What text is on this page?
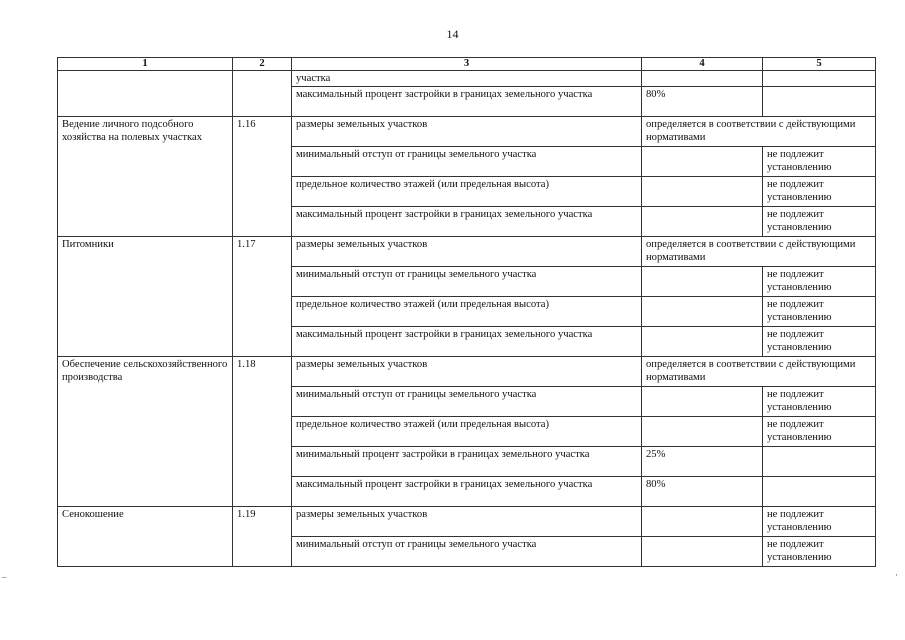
14
1	2	3	4	5
		участка		
		максимальный процент застройки в границах земельного участка	80%	
Ведение личного подсобного хозяйства на полевых участках	1.16	размеры земельных участков	определяется в соответствии с действующими нормативами	
		минимальный отступ от границы земельного участка		не подлежит установлению
		предельное количество этажей (или предельная высота)		не подлежит установлению
		максимальный процент застройки в границах земельного участка		не подлежит установлению
Питомники	1.17	размеры земельных участков	определяется в соответствии с действующими нормативами	
		минимальный отступ от границы земельного участка		не подлежит установлению
		предельное количество этажей (или предельная высота)		не подлежит установлению
		максимальный процент застройки в границах земельного участка		не подлежит установлению
Обеспечение сельскохозяйственного производства	1.18	размеры земельных участков	определяется в соответствии с действующими нормативами	
		минимальный отступ от границы земельного участка		не подлежит установлению
		предельное количество этажей (или предельная высота)		не подлежит установлению
		минимальный процент застройки в границах земельного участка	25%	
		максимальный процент застройки в границах земельного участка	80%	
Сенокошение	1.19	размеры земельных участков		не подлежит установлению
		минимальный отступ от границы земельного участка		не подлежит установлению
–	·
